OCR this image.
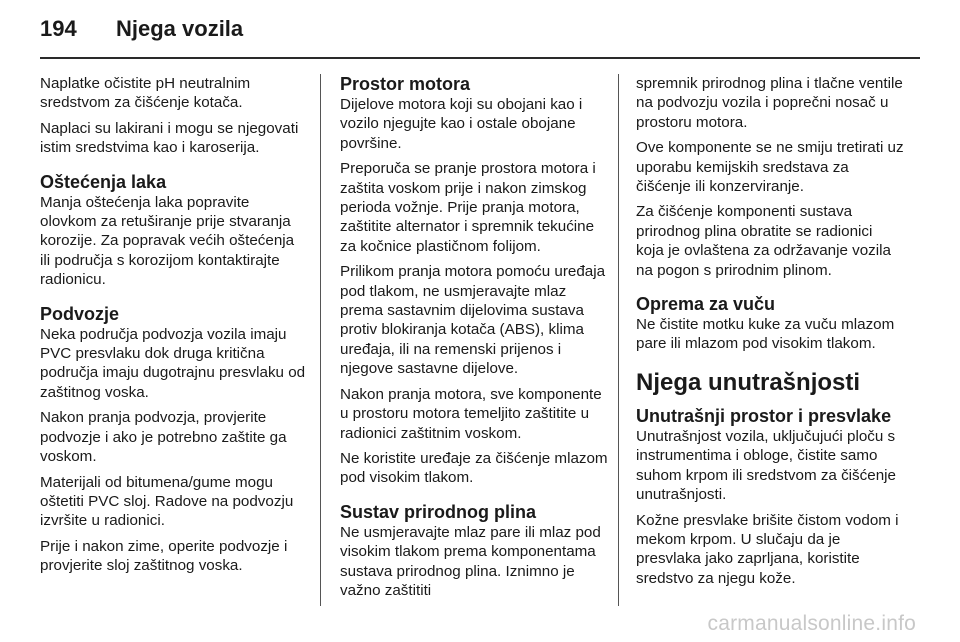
194	Njega vozila

Naplatke očistite pH neutralnim sredstvom za čišćenje kotača.

Naplaci su lakirani i mogu se njegovati istim sredstvima kao i karoserija.

Oštećenja laka

Manja oštećenja laka popravite olovkom za retuširanje prije stvaranja korozije. Za popravak većih oštećenja ili područja s korozijom kontaktirajte radionicu.

Podvozje

Neka područja podvozja vozila imaju PVC presvlaku dok druga kritična područja imaju dugotrajnu presvlaku od zaštitnog voska.

Nakon pranja podvozja, provjerite podvozje i ako je potrebno zaštite ga voskom.

Materijali od bitumena/gume mogu oštetiti PVC sloj. Radove na podvozju izvršite u radionici.

Prije i nakon zime, operite podvozje i provjerite sloj zaštitnog voska.

Prostor motora

Dijelove motora koji su obojani kao i vozilo njegujte kao i ostale obojane površine.

Preporuča se pranje prostora motora i zaštita voskom prije i nakon zimskog perioda vožnje. Prije pranja motora, zaštitite alternator i spremnik tekućine za kočnice plastičnom folijom.

Prilikom pranja motora pomoću uređaja pod tlakom, ne usmjeravajte mlaz prema sastavnim dijelovima sustava protiv blokiranja kotača (ABS), klima uređaja, ili na remenski prijenos i njegove sastavne dijelove.

Nakon pranja motora, sve komponente u prostoru motora temeljito zaštitite u radionici zaštitnim voskom.

Ne koristite uređaje za čišćenje mlazom pod visokim tlakom.

Sustav prirodnog plina

Ne usmjeravajte mlaz pare ili mlaz pod visokim tlakom prema komponentama sustava prirodnog plina. Iznimno je važno zaštititi

spremnik prirodnog plina i tlačne ventile na podvozju vozila i poprečni nosač u prostoru motora.

Ove komponente se ne smiju tretirati uz uporabu kemijskih sredstava za čišćenje ili konzerviranje.

Za čišćenje komponenti sustava prirodnog plina obratite se radionici koja je ovlaštena za održavanje vozila na pogon s prirodnim plinom.

Oprema za vuču

Ne čistite motku kuke za vuču mlazom pare ili mlazom pod visokim tlakom.

Njega unutrašnjosti
Unutrašnji prostor i presvlake

Unutrašnjost vozila, uključujući ploču s instrumentima i obloge, čistite samo suhom krpom ili sredstvom za čišćenje unutrašnjosti.

Kožne presvlake brišite čistom vodom i mekom krpom. U slučaju da je presvlaka jako zaprljana, koristite sredstvo za njegu kože.

carmanualsonline.info
